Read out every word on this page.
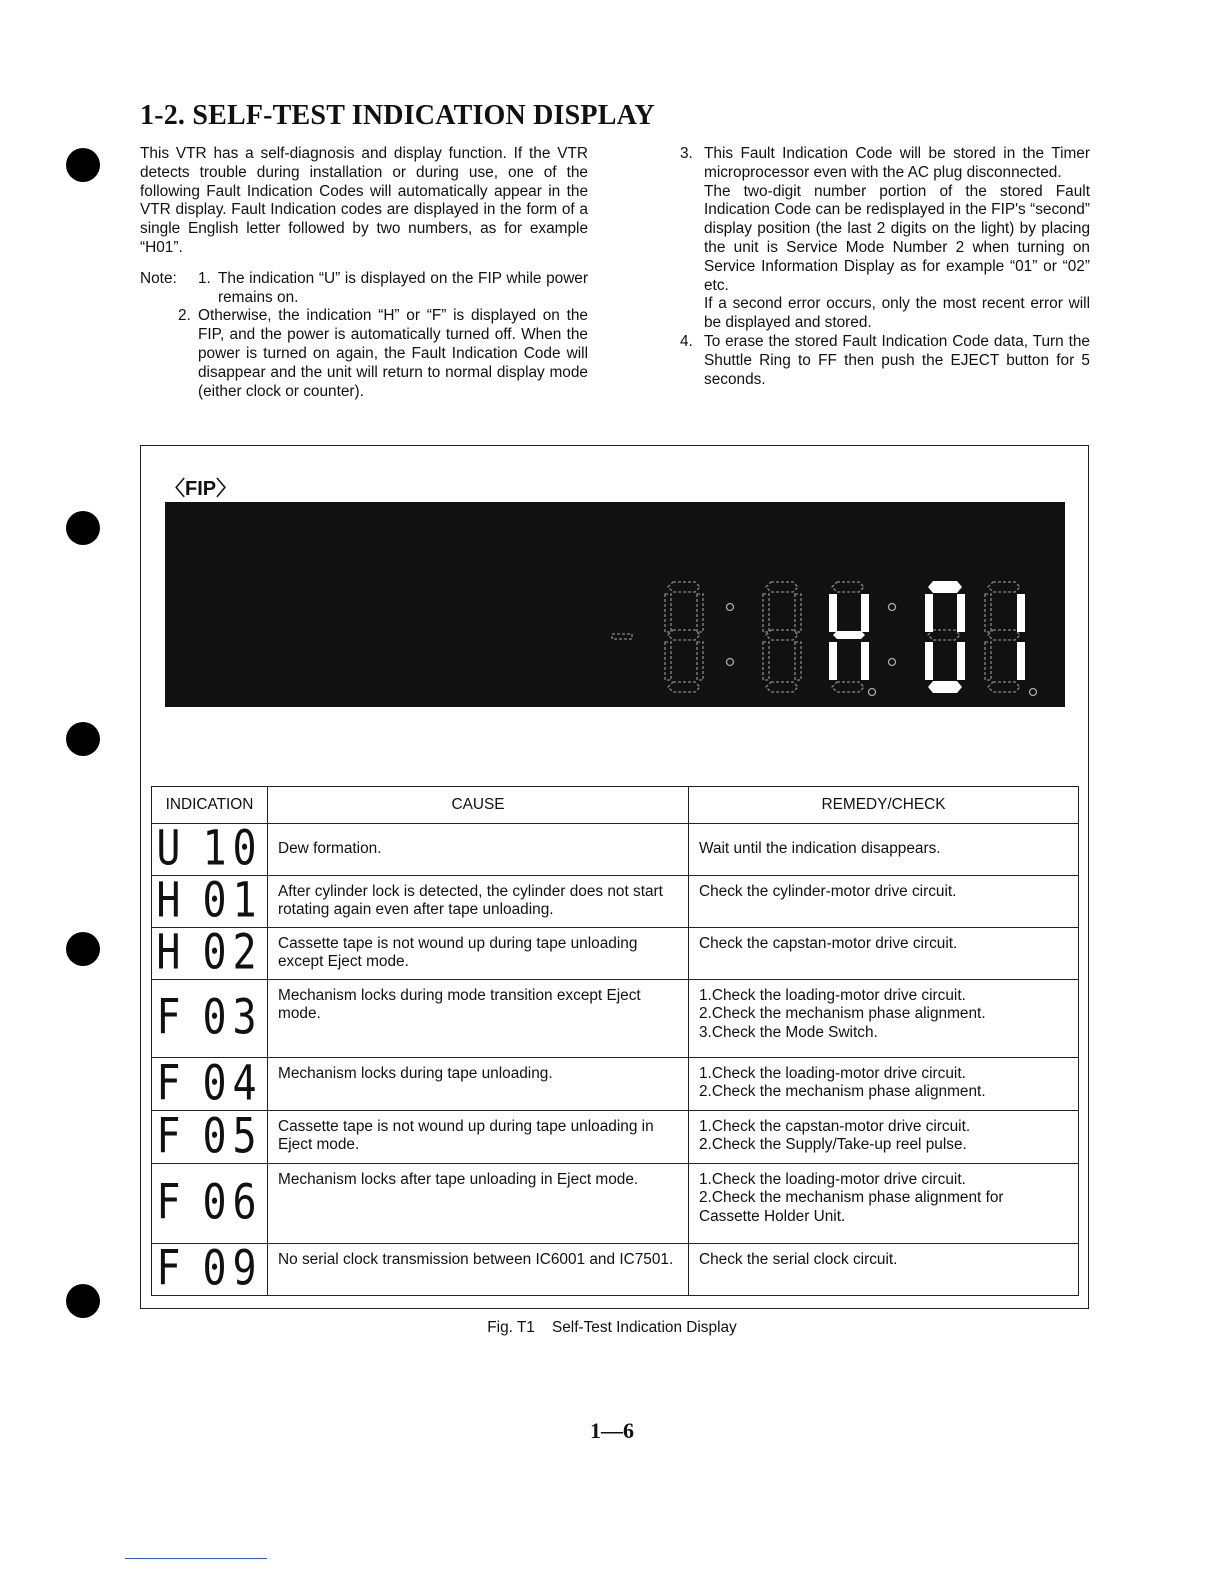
1-2. SELF-TEST INDICATION DISPLAY

This VTR has a self-diagnosis and display function. If the VTR detects trouble during installation or during use, one of the following Fault Indication Codes will automatically appear in the VTR display. Fault Indication codes are displayed in the form of a single English letter followed by two numbers, as for example “H01”.

Note:	1. The indication “U” is displayed on the FIP while power remains on.
2. Otherwise, the indication “H” or “F” is displayed on the FIP, and the power is automatically turned off. When the power is turned on again, the Fault Indication Code will disappear and the unit will return to normal display mode (either clock or counter).
3. This Fault Indication Code will be stored in the Timer microprocessor even with the AC plug disconnected.

The two-digit number portion of the stored Fault Indication Code can be redisplayed in the FIP's “second” display position (the last 2 digits on the light) by placing the unit is Service Mode Number 2 when turning on Service Information Display as for example “01” or “02” etc.

If a second error occurs, only the most recent error will be displayed and stored.

4. To erase the stored Fault Indication Code data, Turn the Shuttle Ring to FF then push the EJECT button for 5 seconds.

〈FIP〉
INDICATION	CAUSE	REMEDY/CHECK
U 10	Dew formation.	Wait until the indication disappears.
H 01	After cylinder lock is detected, the cylinder does not start rotating again even after tape unloading.	Check the cylinder-motor drive circuit.
H 02	Cassette tape is not wound up during tape unloading except Eject mode.	Check the capstan-motor drive circuit.
F 03	Mechanism locks during mode transition except Eject mode.	1.Check the loading-motor drive circuit.
2.Check the mechanism phase alignment.
3.Check the Mode Switch.

F 04	Mechanism locks during tape unloading.	1.Check the loading-motor drive circuit.
2.Check the mechanism phase alignment.

F 05	Cassette tape is not wound up during tape unloading in Eject mode.	1.Check the capstan-motor drive circuit.
2.Check the Supply/Take-up reel pulse.

F 06	Mechanism locks after tape unloading in Eject mode.	1.Check the loading-motor drive circuit.
2.Check the mechanism phase alignment for Cassette Holder Unit.

F 09	No serial clock transmission between IC6001 and IC7501.	Check the serial clock circuit.
Fig. T1    Self-Test Indication Display
1—6
